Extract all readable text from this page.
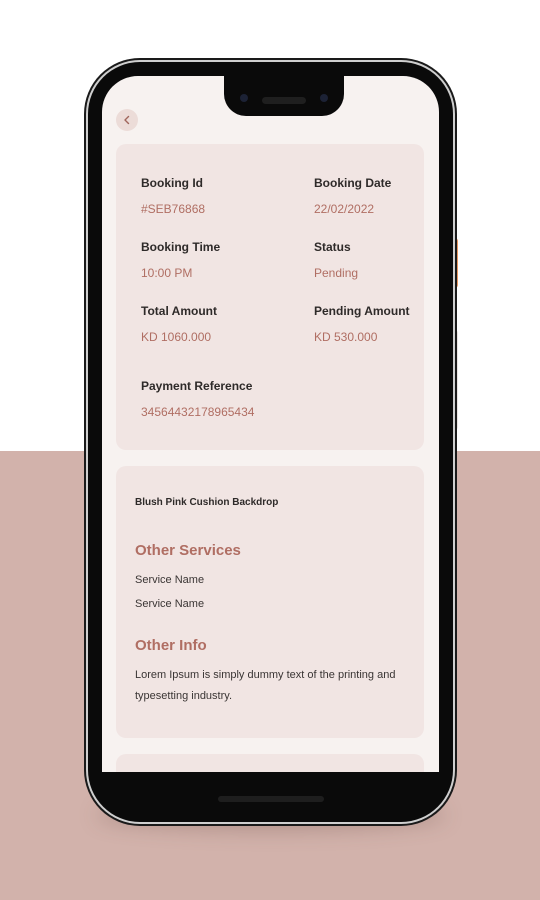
Booking Id
#SEB76868
Booking Date
22/02/2022
Booking Time
10:00 PM
Status
Pending
Total Amount
KD 1060.000
Pending Amount
KD 530.000
Payment Reference
3456443217896543​4
Blush Pink Cushion Backdrop
Other Services
Service Name
Service Name
Other Info
Lorem Ipsum is simply dummy text of the printing and typesetting industry.
